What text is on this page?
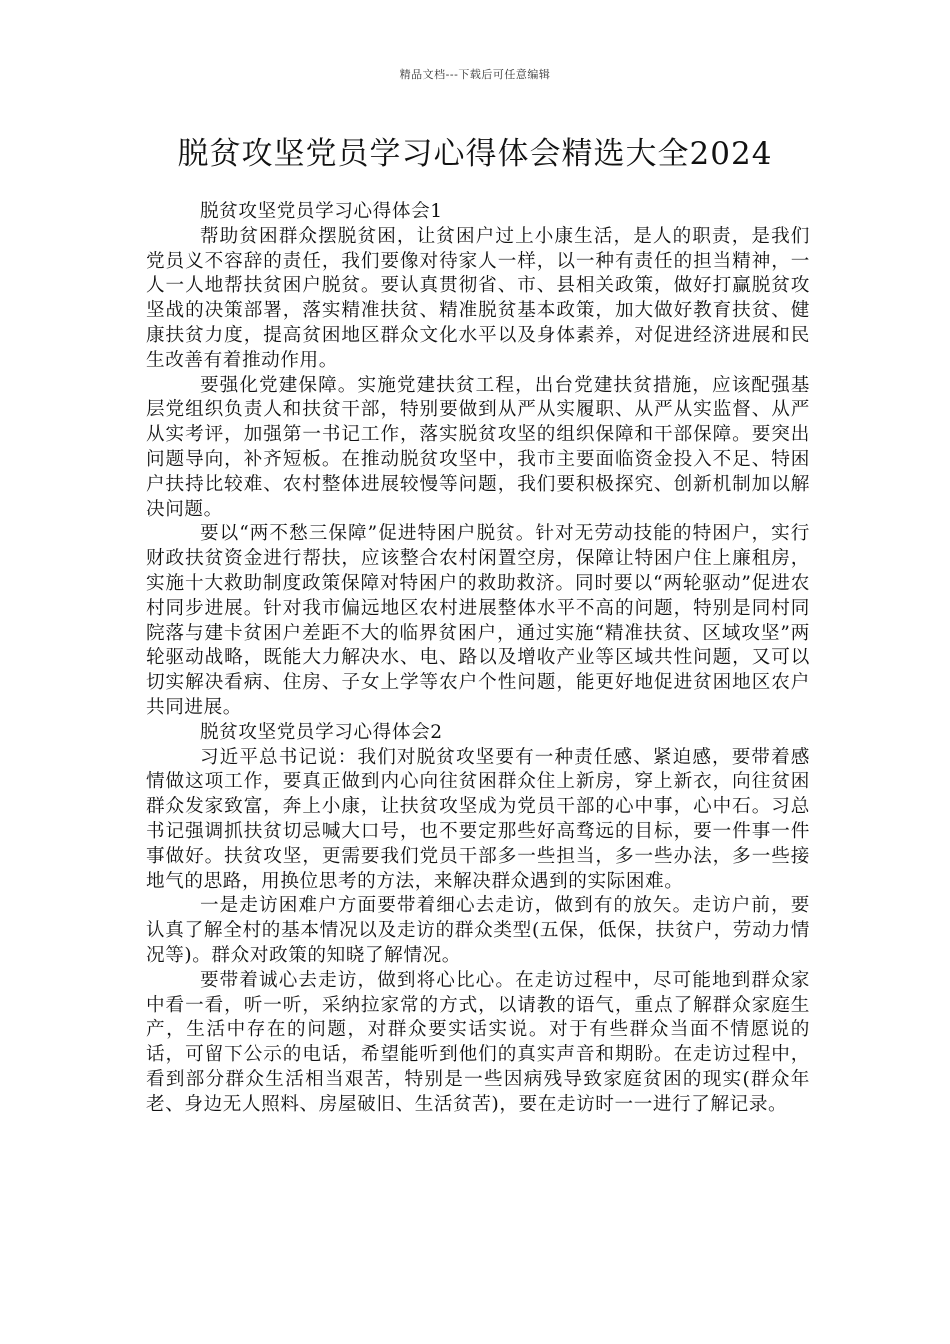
精品文档---下载后可任意编辑
脱贫攻坚党员学习心得体会精选大全2024

脱贫攻坚党员学习心得体会1

帮助贫困群众摆脱贫困，让贫困户过上小康生活，是人的职责，是我们党员义不容辞的责任，我们要像对待家人一样，以一种有责任的担当精神，一人一人地帮扶贫困户脱贫。要认真贯彻省、市、县相关政策，做好打赢脱贫攻坚战的决策部署，落实精准扶贫、精准脱贫基本政策，加大做好教育扶贫、健康扶贫力度，提高贫困地区群众文化水平以及身体素养，对促进经济进展和民生改善有着推动作用。

要强化党建保障。实施党建扶贫工程，出台党建扶贫措施，应该配强基层党组织负责人和扶贫干部，特别要做到从严从实履职、从严从实监督、从严从实考评，加强第一书记工作，落实脱贫攻坚的组织保障和干部保障。要突出问题导向，补齐短板。在推动脱贫攻坚中，我市主要面临资金投入不足、特困户扶持比较难、农村整体进展较慢等问题，我们要积极探究、创新机制加以解决问题。

要以“两不愁三保障”促进特困户脱贫。针对无劳动技能的特困户，实行财政扶贫资金进行帮扶，应该整合农村闲置空房，保障让特困户住上廉租房，实施十大救助制度政策保障对特困户的救助救济。同时要以“两轮驱动”促进农村同步进展。针对我市偏远地区农村进展整体水平不高的问题，特别是同村同院落与建卡贫困户差距不大的临界贫困户，通过实施“精准扶贫、区域攻坚”两轮驱动战略，既能大力解决水、电、路以及增收产业等区域共性问题，又可以切实解决看病、住房、子女上学等农户个性问题，能更好地促进贫困地区农户共同进展。

脱贫攻坚党员学习心得体会2

习近平总书记说：我们对脱贫攻坚要有一种责任感、紧迫感，要带着感情做这项工作，要真正做到内心向往贫困群众住上新房，穿上新衣，向往贫困群众发家致富，奔上小康，让扶贫攻坚成为党员干部的心中事，心中石。习总书记强调抓扶贫切忌喊大口号，也不要定那些好高骛远的目标，要一件事一件事做好。扶贫攻坚，更需要我们党员干部多一些担当，多一些办法，多一些接地气的思路，用换位思考的方法，来解决群众遇到的实际困难。

一是走访困难户方面要带着细心去走访，做到有的放矢。走访户前，要认真了解全村的基本情况以及走访的群众类型(五保，低保，扶贫户，劳动力情况等)。群众对政策的知晓了解情况。

要带着诚心去走访，做到将心比心。在走访过程中，尽可能地到群众家中看一看，听一听，采纳拉家常的方式，以请教的语气，重点了解群众家庭生产，生活中存在的问题，对群众要实话实说。对于有些群众当面不情愿说的话，可留下公示的电话，希望能听到他们的真实声音和期盼。在走访过程中，看到部分群众生活相当艰苦，特别是一些因病残导致家庭贫困的现实(群众年老、身边无人照料、房屋破旧、生活贫苦)，要在走访时一一进行了解记录。
